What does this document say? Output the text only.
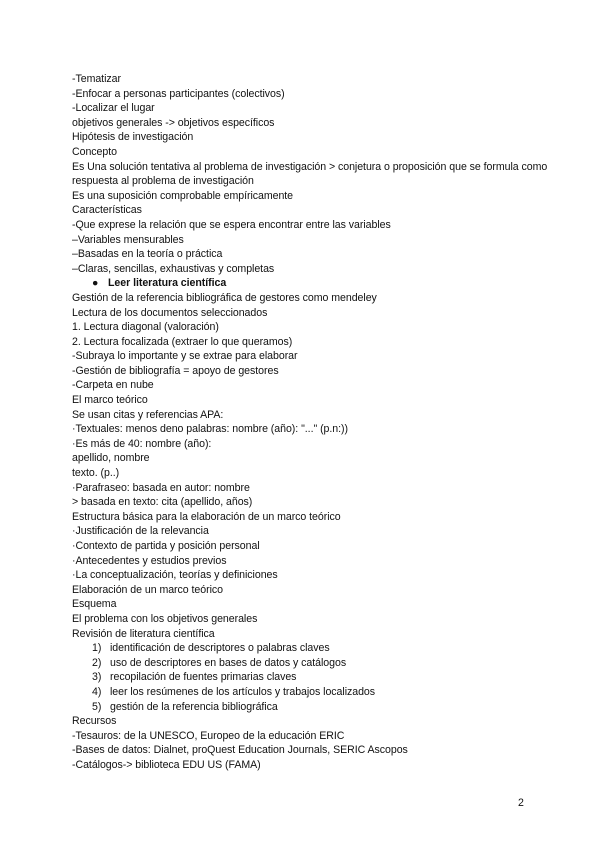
-Tematizar
-Enfocar a personas participantes (colectivos)
-Localizar el lugar
objetivos generales -> objetivos específicos
Hipótesis de investigación
Concepto
Es Una solución tentativa al problema de investigación > conjetura o proposición que se formula como respuesta al problema de investigación
Es una suposición comprobable empíricamente
Características
-Que exprese la relación que se espera encontrar entre las variables
–Variables mensurables
–Basadas en la teoría o práctica
–Claras, sencillas, exhaustivas y completas
● Leer literatura científica
Gestión de la referencia bibliográfica de gestores como mendeley
Lectura de los documentos seleccionados
1. Lectura diagonal (valoración)
2. Lectura focalizada (extraer lo que queramos)
-Subraya lo importante y se extrae para elaborar
-Gestión de bibliografía = apoyo de gestores
-Carpeta en nube
El marco teórico
Se usan citas y referencias APA:
·Textuales: menos deno palabras: nombre (año): "..." (p.n:))
·Es más de 40: nombre (año):
apellido, nombre
texto. (p..)
·Parafraseo: basada en autor: nombre
> basada en texto: cita (apellido, años)
Estructura básica para la elaboración de un marco teórico
·Justificación de la relevancia
·Contexto de partida y posición personal
·Antecedentes y estudios previos
·La conceptualización, teorías y definiciones
Elaboración de un marco teórico
Esquema
El problema con los objetivos generales
Revisión de literatura científica
1) identificación de descriptores o palabras claves
2) uso de descriptores en bases de datos y catálogos
3) recopilación de fuentes primarias claves
4) leer los resúmenes de los artículos y trabajos localizados
5) gestión de la referencia bibliográfica
Recursos
-Tesauros: de la UNESCO, Europeo de la educación ERIC
-Bases de datos: Dialnet, proQuest Education Journals, SERIC Ascopos
-Catálogos-> biblioteca EDU US (FAMA)
2
